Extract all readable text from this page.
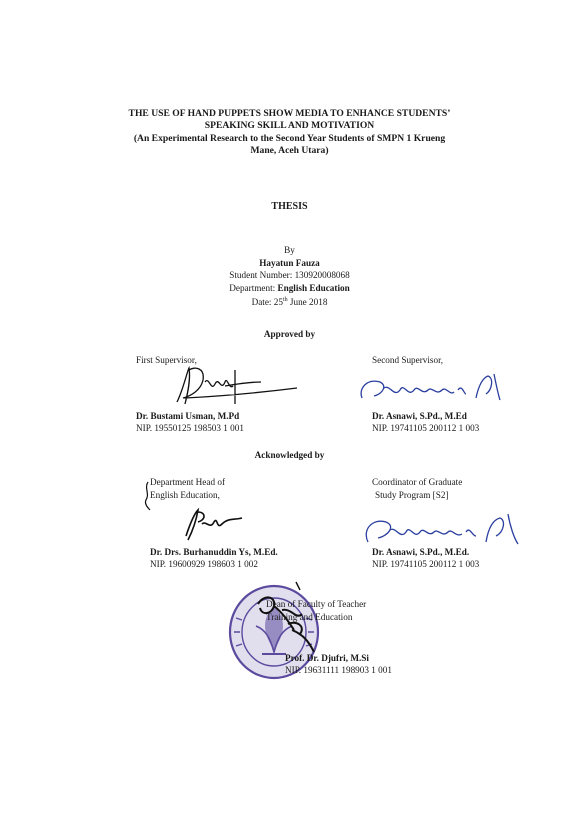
THE USE OF HAND PUPPETS SHOW MEDIA TO ENHANCE STUDENTS’
SPEAKING SKILL AND MOTIVATION
(An Experimental Research to the Second Year Students of SMPN 1 Krueng
Mane, Aceh Utara)
THESIS
By
Hayatun Fauza
Student Number: 130920008068
Department: English Education
Date: 25th June 2018
Approved by
First Supervisor,
Dr. Bustami Usman, M.Pd
NIP. 19550125 198503 1 001
Second Supervisor,
Dr. Asnawi, S.Pd., M.Ed
NIP. 19741105 200112 1 003
Acknowledged by
Department Head of
English Education,
Dr. Drs. Burhanuddin Ys, M.Ed.
NIP. 19600929 198603 1 002
Coordinator of Graduate
Study Program [S2]
Dr. Asnawi, S.Pd., M.Ed.
NIP. 19741105 200112 1 003
Dean of Faculty of Teacher
Training and Education
Prof. Dr. Djufri, M.Si
NIP. 19631111 198903 1 001
